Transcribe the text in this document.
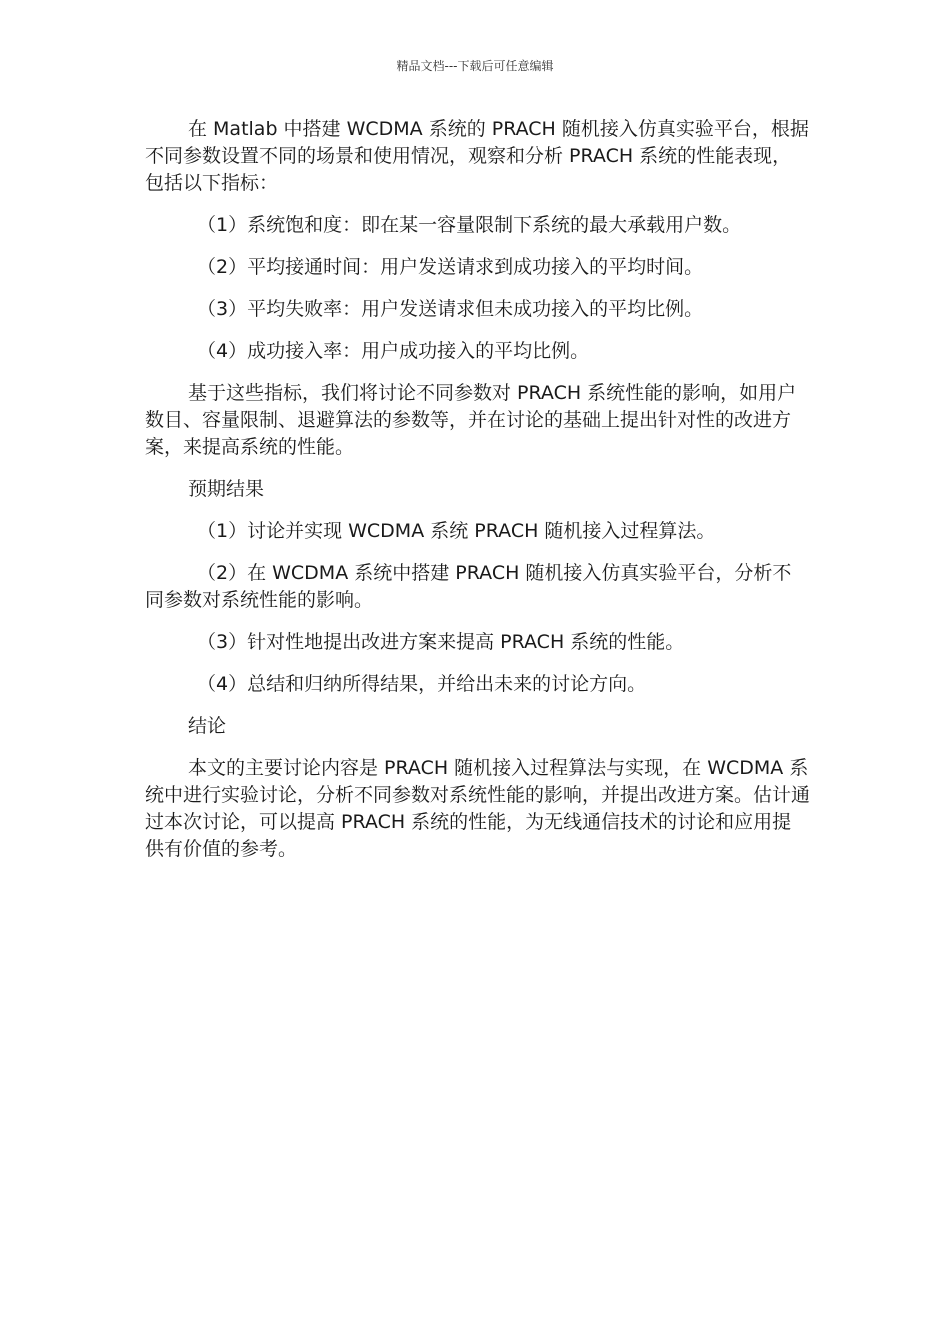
精品文档---下载后可任意编辑

在 Matlab 中搭建 WCDMA 系统的 PRACH 随机接入仿真实验平台，根据不同参数设置不同的场景和使用情况，观察和分析 PRACH 系统的性能表现，包括以下指标：

（1）系统饱和度：即在某一容量限制下系统的最大承载用户数。

（2）平均接通时间：用户发送请求到成功接入的平均时间。

（3）平均失败率：用户发送请求但未成功接入的平均比例。

（4）成功接入率：用户成功接入的平均比例。

基于这些指标，我们将讨论不同参数对 PRACH 系统性能的影响，如用户数目、容量限制、退避算法的参数等，并在讨论的基础上提出针对性的改进方案，来提高系统的性能。

预期结果

（1）讨论并实现 WCDMA 系统 PRACH 随机接入过程算法。

（2）在 WCDMA 系统中搭建 PRACH 随机接入仿真实验平台，分析不同参数对系统性能的影响。

（3）针对性地提出改进方案来提高 PRACH 系统的性能。

（4）总结和归纳所得结果，并给出未来的讨论方向。

结论

本文的主要讨论内容是 PRACH 随机接入过程算法与实现，在 WCDMA 系统中进行实验讨论，分析不同参数对系统性能的影响，并提出改进方案。估计通过本次讨论，可以提高 PRACH 系统的性能，为无线通信技术的讨论和应用提供有价值的参考。
